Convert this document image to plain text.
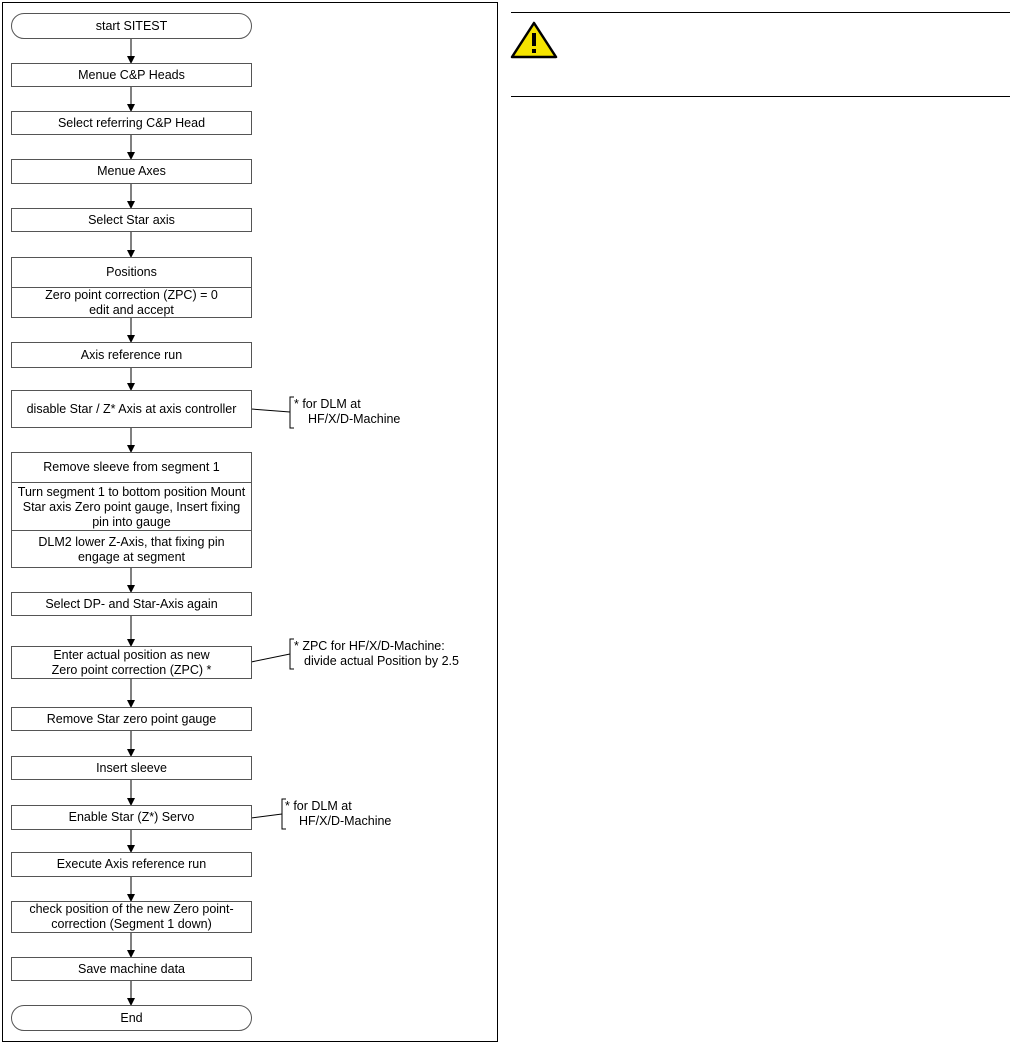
start SITEST
Menue C&P Heads
Select referring C&P Head
Menue Axes
Select Star axis
Positions
Zero point correction (ZPC) = 0
edit and accept
Axis reference run
disable Star / Z* Axis at axis controller
Remove sleeve from segment 1
Turn segment 1 to bottom position Mount
Star axis Zero point gauge, Insert fixing
pin into gauge
DLM2 lower Z-Axis, that fixing pin
engage at segment
Select DP- and Star-Axis again
Enter actual position as new
Zero point correction (ZPC) *
Remove Star zero point gauge
Insert sleeve
Enable Star (Z*) Servo
Execute Axis reference run
check position of the new Zero point-
correction (Segment 1 down)
Save machine data
End
* for DLM at
HF/X/D-Machine
* ZPC for HF/X/D-Machine:
divide actual Position by 2.5
* for DLM at
HF/X/D-Machine
